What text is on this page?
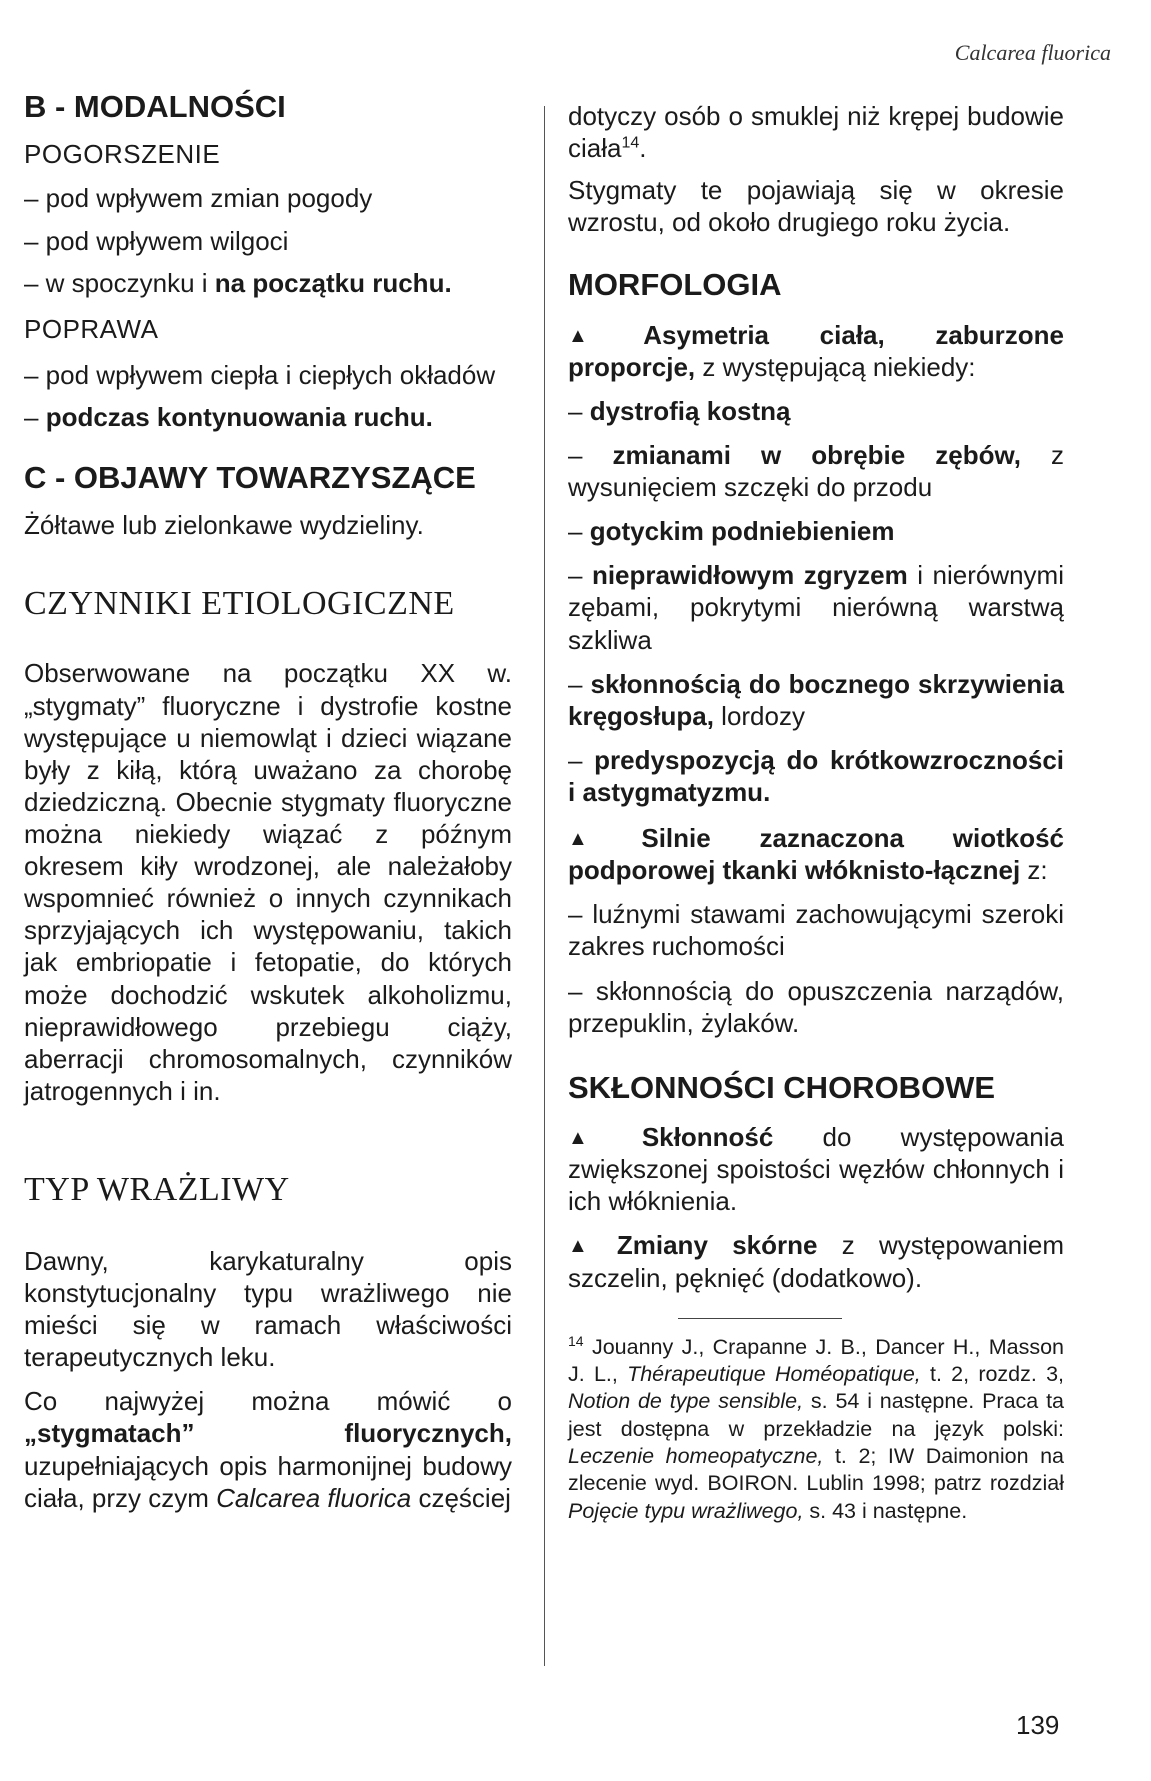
Calcarea fluorica
B - MODALNOŚCI

POGORSZENIE

– pod wpływem zmian pogody

– pod wpływem wilgoci

– w spoczynku i na początku ruchu.

POPRAWA

– pod wpływem ciepła i ciepłych okładów

– podczas kontynuowania ruchu.

C - OBJAWY TOWARZYSZĄCE

Żółtawe lub zielonkawe wydzieliny.

CZYNNIKI ETIOLOGICZNE

Obserwowane na początku XX w. „stygmaty” fluoryczne i dystrofie kostne występujące u niemowląt i dzieci wiązane były z kiłą, którą uważano za chorobę dziedziczną. Obecnie stygmaty fluoryczne można niekiedy wiązać z późnym okresem kiły wrodzonej, ale należałoby wspomnieć również o innych czynnikach sprzyjających ich występowaniu, takich jak embriopatie i fetopatie, do których może dochodzić wskutek alkoholizmu, nieprawidłowego przebiegu ciąży, aberracji chromosomalnych, czynników jatrogennych i in.

TYP WRAŻLIWY

Dawny, karykaturalny opis konstytucjonalny typu wrażliwego nie mieści się w ramach właściwości terapeutycznych leku.

Co najwyżej można mówić o „stygmatach” fluorycznych, uzupełniających opis harmonijnej budowy ciała, przy czym Calcarea fluorica częściej

dotyczy osób o smuklej niż krępej budowie ciała$^{14}$.

Stygmaty te pojawiają się w okresie wzrostu, od około drugiego roku życia.

MORFOLOGIA

▲ Asymetria ciała, zaburzone proporcje, z występującą niekiedy:

– dystrofią kostną

– zmianami w obrębie zębów, z wysunięciem szczęki do przodu

– gotyckim podniebieniem

– nieprawidłowym zgryzem i nierównymi zębami, pokrytymi nierówną warstwą szkliwa

– skłonnością do bocznego skrzywienia kręgosłupa, lordozy

– predyspozycją do krótkowzroczności i astygmatyzmu.

▲ Silnie zaznaczona wiotkość podporowej tkanki włóknisto-łącznej z:

– luźnymi stawami zachowującymi szeroki zakres ruchomości

– skłonnością do opuszczenia narządów, przepuklin, żylaków.

SKŁONNOŚCI CHOROBOWE

▲ Skłonność do występowania zwiększonej spoistości węzłów chłonnych i ich włóknienia.

▲ Zmiany skórne z występowaniem szczelin, pęknięć (dodatkowo).

$^{14}$ Jouanny J., Crapanne J. B., Dancer H., Masson J. L., Thérapeutique Homéopatique, t. 2, rozdz. 3, Notion de type sensible, s. 54 i następne. Praca ta jest dostępna w przekładzie na język polski: Leczenie homeopatyczne, t. 2; IW Daimonion na zlecenie wyd. BOIRON. Lublin 1998; patrz rozdział Pojęcie typu wrażliwego, s. 43 i następne.

139
